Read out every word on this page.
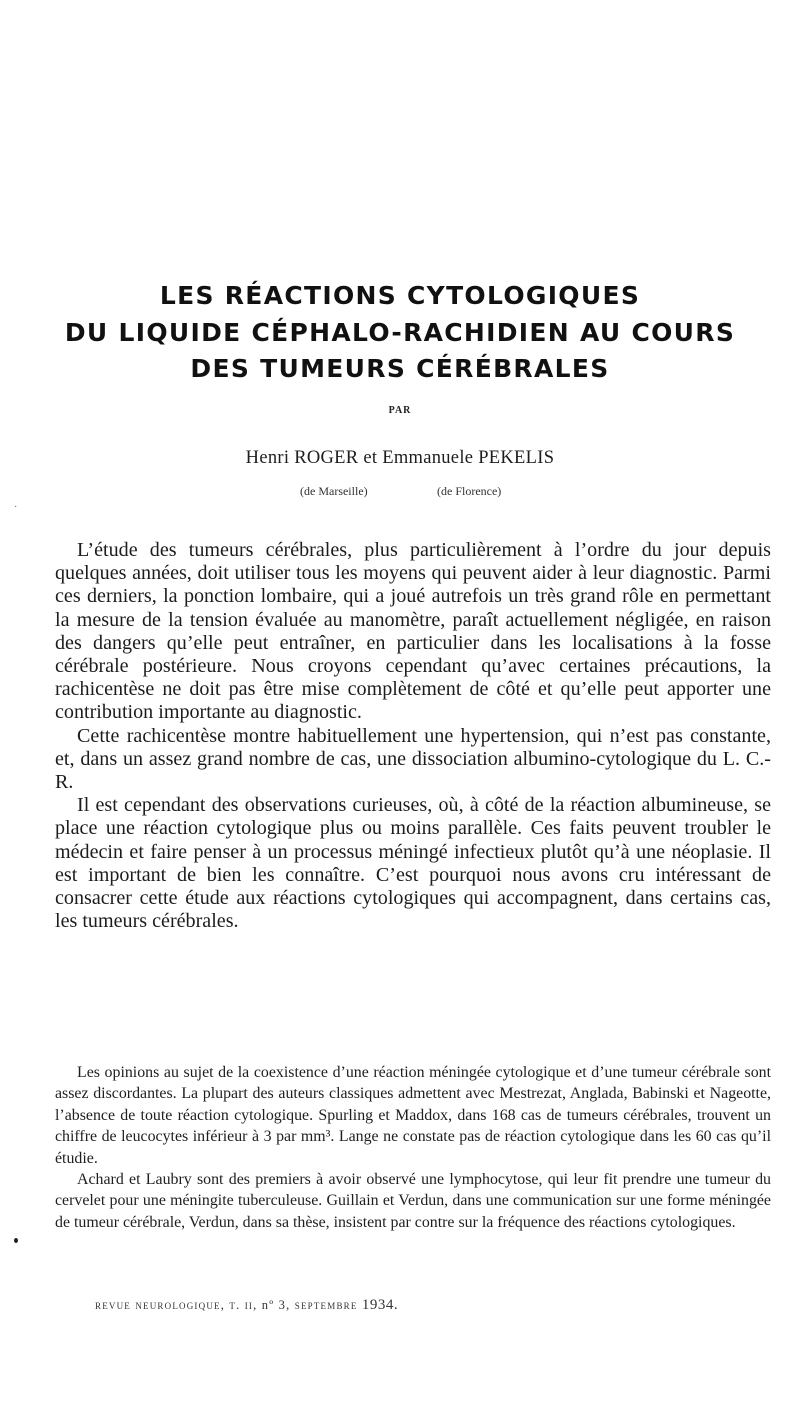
LES RÉACTIONS CYTOLOGIQUES
DU LIQUIDE CÉPHALO-RACHIDIEN AU COURS
DES TUMEURS CÉRÉBRALES
PAR
Henri ROGER et Emmanuele PEKELIS
(de Marseille)	(de Florence)
·

L’étude des tumeurs cérébrales, plus particulièrement à l’ordre du jour depuis quelques années, doit utiliser tous les moyens qui peuvent aider à leur diagnostic. Parmi ces derniers, la ponction lombaire, qui a joué autrefois un très grand rôle en permettant la mesure de la tension évaluée au manomètre, paraît actuellement négligée, en raison des dangers qu’elle peut entraîner, en particulier dans les localisations à la fosse cérébrale postérieure. Nous croyons cependant qu’avec certaines précautions, la rachicentèse ne doit pas être mise complètement de côté et qu’elle peut apporter une contribution importante au diagnostic.

Cette rachicentèse montre habituellement une hypertension, qui n’est pas constante, et, dans un assez grand nombre de cas, une dissociation albumino-cytologique du L. C.-R.

Il est cependant des observations curieuses, où, à côté de la réaction albumineuse, se place une réaction cytologique plus ou moins parallèle. Ces faits peuvent troubler le médecin et faire penser à un processus méningé infectieux plutôt qu’à une néoplasie. Il est important de bien les connaître. C’est pourquoi nous avons cru intéressant de consacrer cette étude aux réactions cytologiques qui accompagnent, dans certains cas, les tumeurs cérébrales.

Les opinions au sujet de la coexistence d’une réaction méningée cytologique et d’une tumeur cérébrale sont assez discordantes. La plupart des auteurs classiques admettent avec Mestrezat, Anglada, Babinski et Nageotte, l’absence de toute réaction cytologique. Spurling et Maddox, dans 168 cas de tumeurs cérébrales, trouvent un chiffre de leucocytes inférieur à 3 par mm³. Lange ne constate pas de réaction cytologique dans les 60 cas qu’il étudie.

Achard et Laubry sont des premiers à avoir observé une lymphocytose, qui leur fit prendre une tumeur du cervelet pour une méningite tuberculeuse. Guillain et Verdun, dans une communication sur une forme méningée de tumeur cérébrale, Verdun, dans sa thèse, insistent par contre sur la fréquence des réactions cytologiques.

revue neurologique, t. ii, nº 3, septembre 1934.
